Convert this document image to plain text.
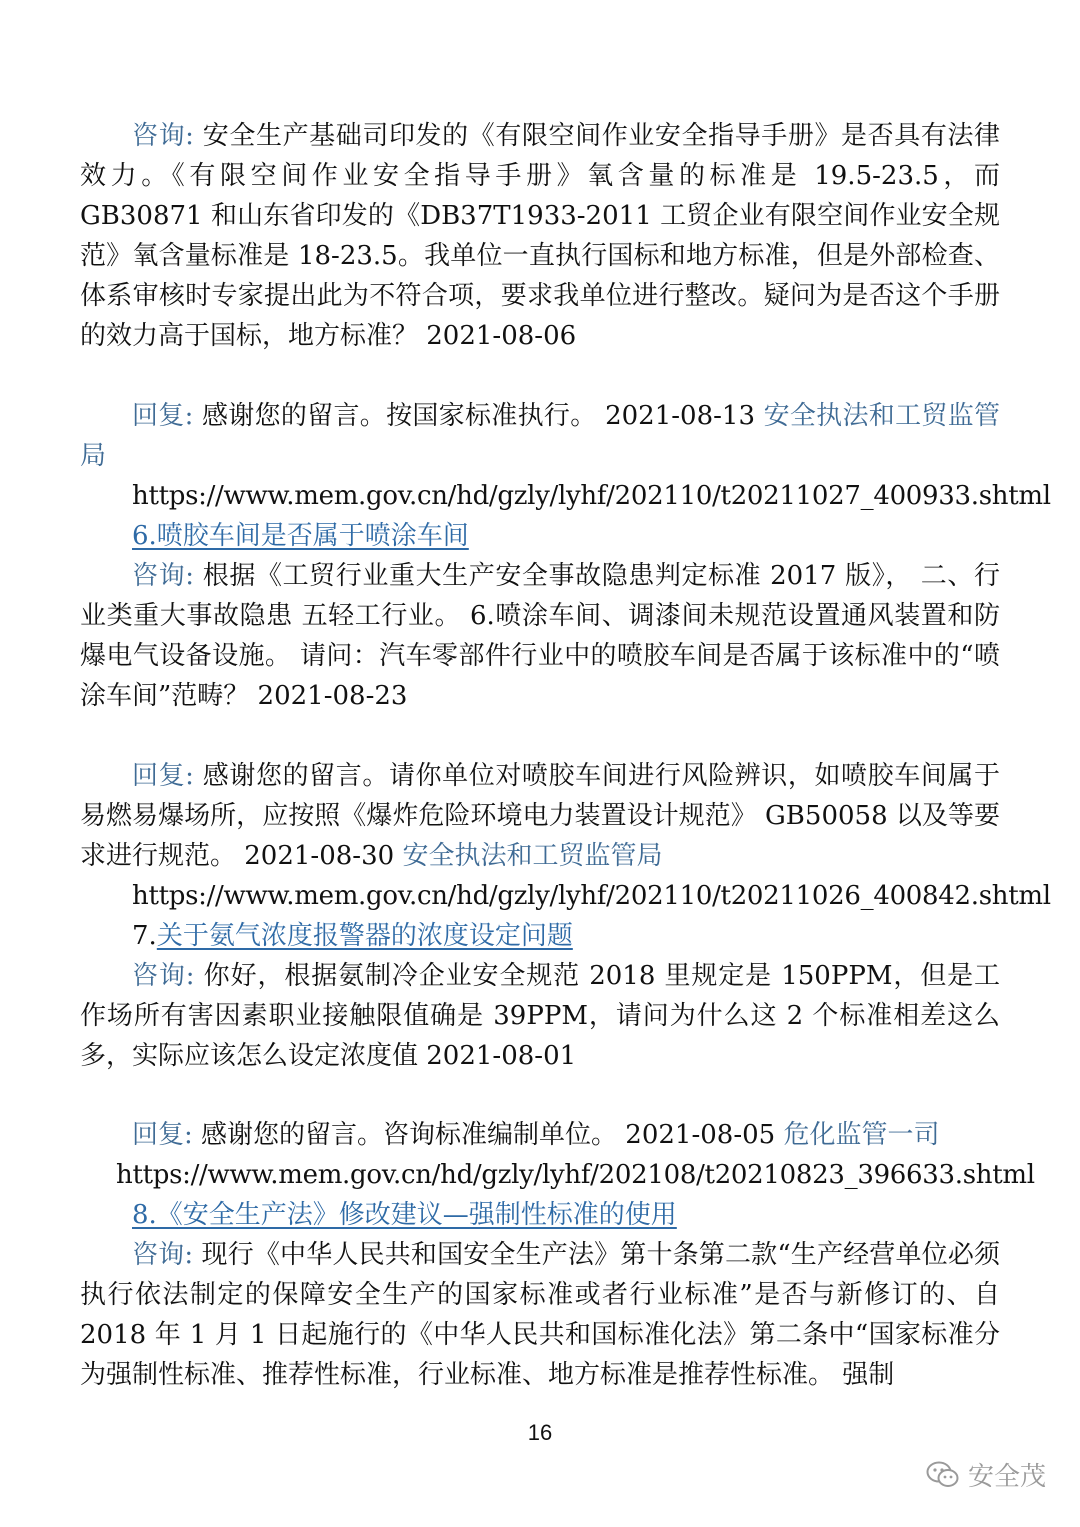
咨询: 安全生产基础司印发的《有限空间作业安全指导手册》是否具有法律效力。《有限空间作业安全指导手册》氧含量的标准是 19.5-23.5，而 GB30871 和山东省印发的《DB37T1933-2011 工贸企业有限空间作业安全规范》氧含量标准是 18-23.5。我单位一直执行国标和地方标准，但是外部检查、体系审核时专家提出此为不符合项，要求我单位进行整改。疑问为是否这个手册的效力高于国标，地方标准？ 2021-08-06
回复: 感谢您的留言。按国家标准执行。 2021-08-13 安全执法和工贸监管局
https://www.mem.gov.cn/hd/gzly/lyhf/202110/t20211027_400933.shtml
6.喷胶车间是否属于喷涂车间
咨询: 根据《工贸行业重大生产安全事故隐患判定标准 2017 版》， 二、行业类重大事故隐患 五轻工行业。 6.喷涂车间、调漆间未规范设置通风装置和防爆电气设备设施。 请问：汽车零部件行业中的喷胶车间是否属于该标准中的“喷涂车间”范畴？ 2021-08-23
回复: 感谢您的留言。请你单位对喷胶车间进行风险辨识，如喷胶车间属于易燃易爆场所，应按照《爆炸危险环境电力装置设计规范》 GB50058 以及等要求进行规范。 2021-08-30 安全执法和工贸监管局
https://www.mem.gov.cn/hd/gzly/lyhf/202110/t20211026_400842.shtml
7.关于氨气浓度报警器的浓度设定问题
咨询: 你好，根据氨制冷企业安全规范 2018 里规定是 150PPM，但是工作场所有害因素职业接触限值确是 39PPM，请问为什么这 2 个标准相差这么多，实际应该怎么设定浓度值 2021-08-01
回复: 感谢您的留言。咨询标准编制单位。 2021-08-05 危化监管一司
https://www.mem.gov.cn/hd/gzly/lyhf/202108/t20210823_396633.shtml
8.《安全生产法》修改建议—强制性标准的使用
咨询: 现行《中华人民共和国安全生产法》第十条第二款“生产经营单位必须执行依法制定的保障安全生产的国家标准或者行业标准”是否与新修订的、自 2018 年 1 月 1 日起施行的《中华人民共和国标准化法》第二条中“国家标准分为强制性标准、推荐性标准，行业标准、地方标准是推荐性标准。 强制
16
安全茂
